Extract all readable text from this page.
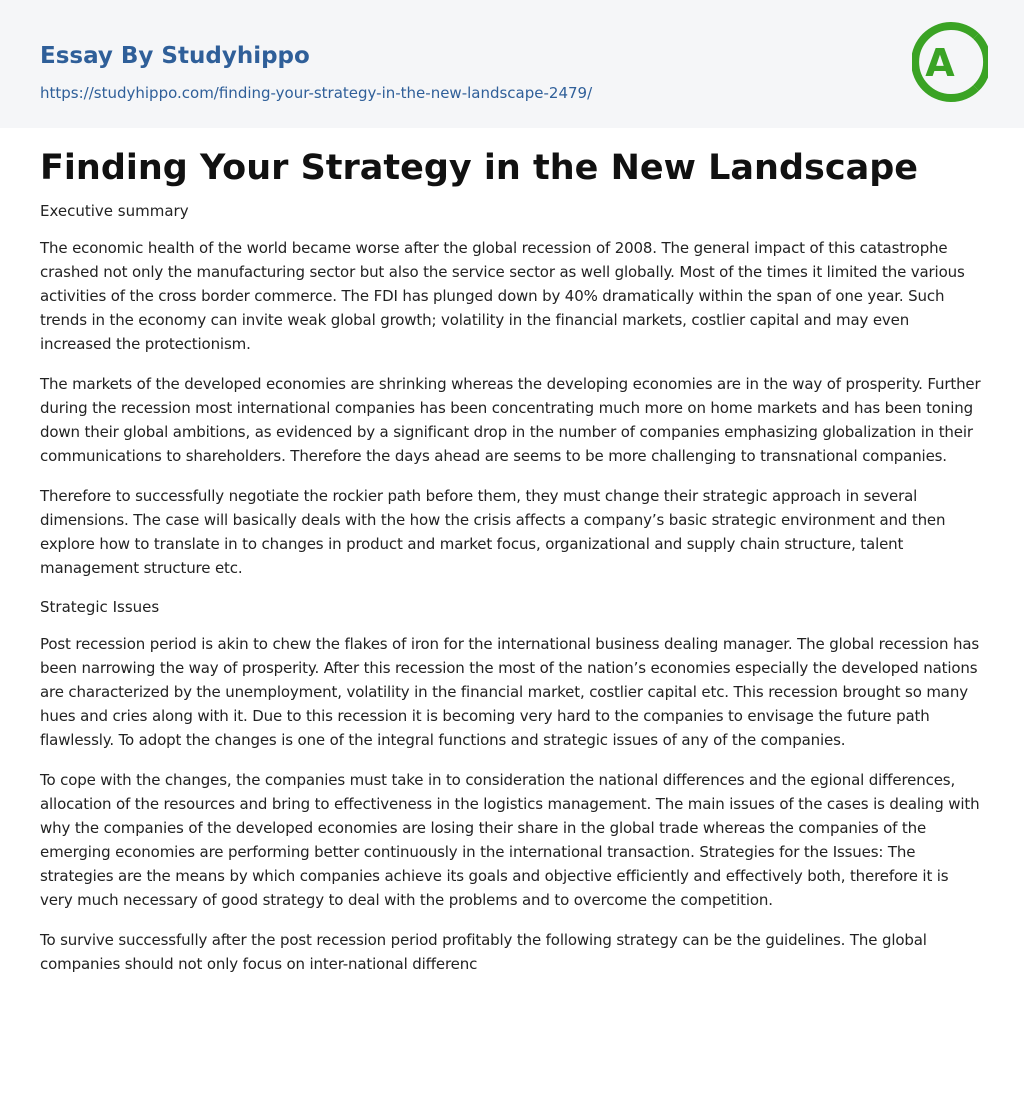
Essay By Studyhippo
https://studyhippo.com/finding-your-strategy-in-the-new-landscape-2479/
A
Finding Your Strategy in the New Landscape
Executive summary

The economic health of the world became worse after the global recession of 2008. The general impact of this catastrophe crashed not only the manufacturing sector but also the service sector as well globally. Most of the times it limited the various activities of the cross border commerce. The FDI has plunged down by 40% dramatically within the span of one year. Such trends in the economy can invite weak global growth; volatility in the financial markets, costlier capital and may even increased the protectionism.

The markets of the developed economies are shrinking whereas the developing economies are in the way of prosperity. Further during the recession most international companies has been concentrating much more on home markets and has been toning down their global ambitions, as evidenced by a significant drop in the number of companies emphasizing globalization in their communications to shareholders. Therefore the days ahead are seems to be more challenging to transnational companies.

Therefore to successfully negotiate the rockier path before them, they must change their strategic approach in several dimensions. The case will basically deals with the how the crisis affects a company’s basic strategic environment and then explore how to translate in to changes in product and market focus, organizational and supply chain structure, talent management structure etc.

Strategic Issues

Post recession period is akin to chew the flakes of iron for the international business dealing manager. The global recession has been narrowing the way of prosperity. After this recession the most of the nation’s economies especially the developed nations are characterized by the unemployment, volatility in the financial market, costlier capital etc. This recession brought so many hues and cries along with it. Due to this recession it is becoming very hard to the companies to envisage the future path flawlessly. To adopt the changes is one of the integral functions and strategic issues of any of the companies.

To cope with the changes, the companies must take in to consideration the national differences and the egional differences, allocation of the resources and bring to effectiveness in the logistics management. The main issues of the cases is dealing with why the companies of the developed economies are losing their share in the global trade whereas the companies of the emerging economies are performing better continuously in the international transaction. Strategies for the Issues: The strategies are the means by which companies achieve its goals and objective efficiently and effectively both, therefore it is very much necessary of good strategy to deal with the problems and to overcome the competition.

To survive successfully after the post recession period profitably the following strategy can be the guidelines. The global companies should not only focus on inter-national differenc
